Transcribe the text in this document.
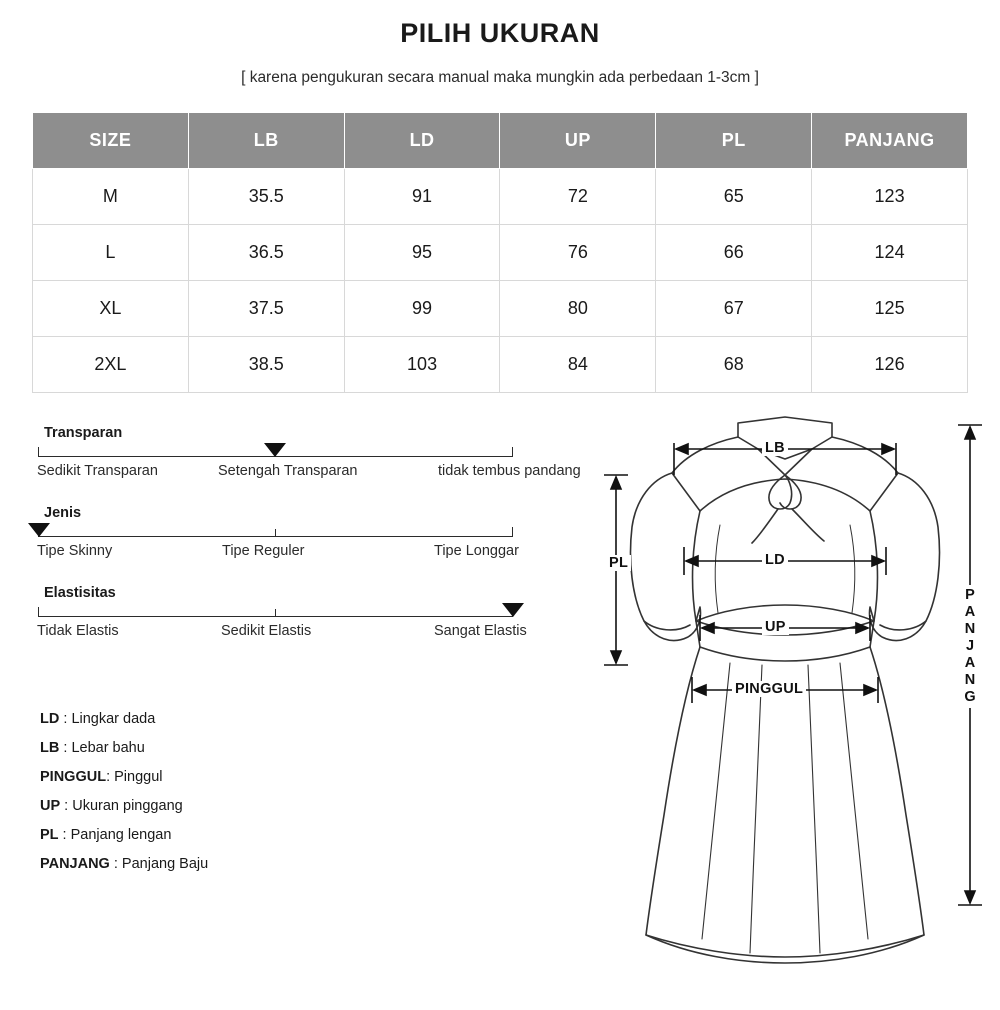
PILIH UKURAN
[ karena pengukuran secara manual maka mungkin ada perbedaan 1-3cm ]
SIZE	LB	LD	UP	PL	PANJANG
M	35.5	91	72	65	123
L	36.5	95	76	66	124
XL	37.5	99	80	67	125
2XL	38.5	103	84	68	126
Transparan
Sedikit Transparan	Setengah Transparan	tidak tembus pandang
Jenis
Tipe Skinny	Tipe Reguler	Tipe Longgar
Elastisitas
Tidak Elastis	Sedikit Elastis	Sangat Elastis
LD : Lingkar dada
LB : Lebar bahu
PINGGUL: Pinggul
UP : Ukuran pinggang
PL : Panjang lengan
PANJANG : Panjang Baju
LB
LD
UP
PINGGUL
PL
PANJANG
